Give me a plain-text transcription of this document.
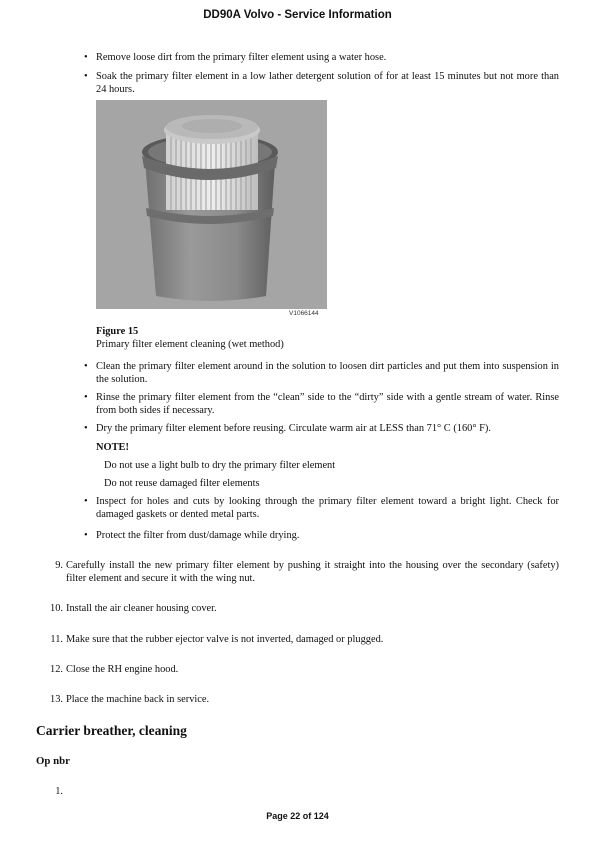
DD90A Volvo - Service Information
• Remove loose dirt from the primary filter element using a water hose.
• Soak the primary filter element in a low lather detergent solution of for at least 15 minutes but not more than 24 hours.
V1066144
Figure 15
Primary filter element cleaning (wet method)
• Clean the primary filter element around in the solution to loosen dirt particles and put them into suspension in the solution.
• Rinse the primary filter element from the “clean” side to the “dirty” side with a gentle stream of water. Rinse from both sides if necessary.
• Dry the primary filter element before reusing. Circulate warm air at LESS than 71° C (160° F).
NOTE!
Do not use a light bulb to dry the primary filter element
Do not reuse damaged filter elements
• Inspect for holes and cuts by looking through the primary filter element toward a bright light. Check for damaged gaskets or dented metal parts.
• Protect the filter from dust/damage while drying.
9. Carefully install the new primary filter element by pushing it straight into the housing over the secondary (safety) filter element and secure it with the wing nut.
10. Install the air cleaner housing cover.
11. Make sure that the rubber ejector valve is not inverted, damaged or plugged.
12. Close the RH engine hood.
13. Place the machine back in service.
Carrier breather, cleaning
Op nbr
1.
Page 22 of 124
